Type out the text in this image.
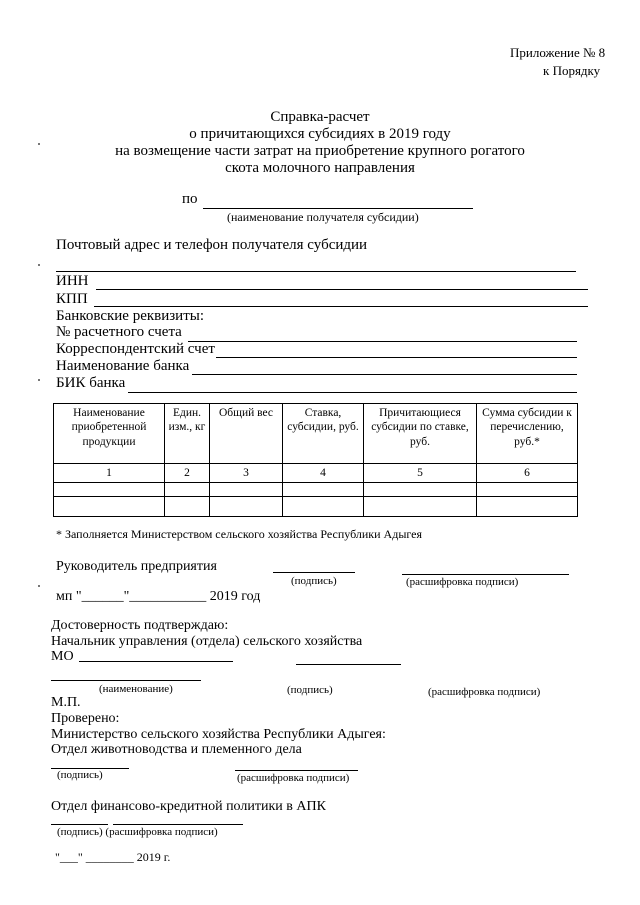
Приложение № 8
к Порядку
Справка-расчет
о причитающихся субсидиях в 2019 году
на возмещение части затрат на приобретение крупного рогатого
скота молочного направления
по
(наименование получателя субсидии)
Почтовый адрес и телефон получателя субсидии
ИНН
КПП
Банковские реквизиты:
№ расчетного счета
Корреспондентский счет
Наименование банка
БИК банка
Наименование приобретенной продукции	Един. изм., кг	Общий вес	Ставка, субсидии, руб.	Причитающиеся субсидии по ставке, руб.	Сумма субсидии к перечислению, руб.*
1	2	3	4	5	6

* Заполняется Министерством сельского хозяйства Республики Адыгея
Руководитель предприятия
(подпись)	(расшифровка подписи)
мп "______"___________ 2019 год
Достоверность подтверждаю:
Начальник управления (отдела) сельского хозяйства
МО
(наименование)	(подпись)	(расшифровка подписи)
М.П.
Проверено:
Министерство сельского хозяйства Республики Адыгея:
Отдел животноводства и племенного дела
(подпись)	(расшифровка подписи)
Отдел финансово-кредитной политики в АПК
(подпись) (расшифровка подписи)
"___" ________ 2019 г.
